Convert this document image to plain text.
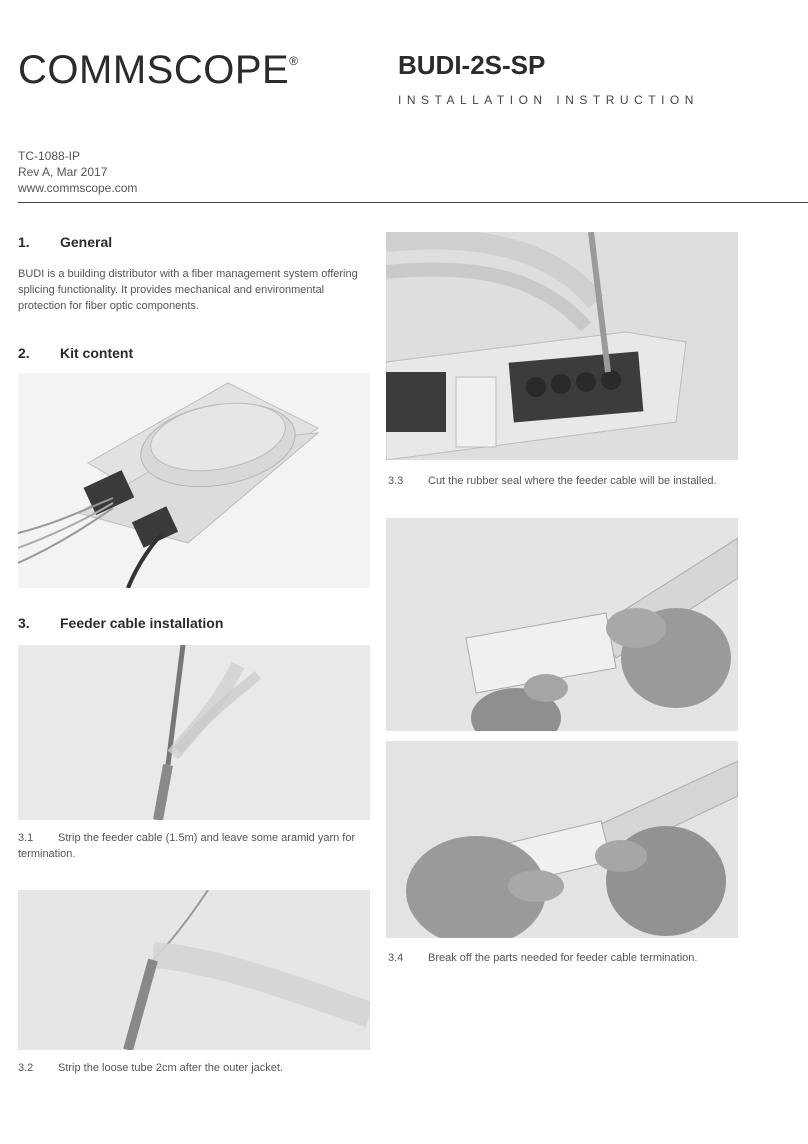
COMMSCOPE®	BUDI-2S-SP
INSTALLATION INSTRUCTION
TC-1088-IP
Rev A, Mar 2017
www.commscope.com
1. General
BUDI is a building distributor with a fiber management system offering splicing functionality. It provides mechanical and environmental protection for fiber optic components.
2. Kit content
3. Feeder cable installation
3.1 Strip the feeder cable (1.5m) and leave some aramid yarn for termination.
3.2 Strip the loose tube 2cm after the outer jacket.
3.3 Cut the rubber seal where the feeder cable will be installed.
3.4 Break off the parts needed for feeder cable termination.
